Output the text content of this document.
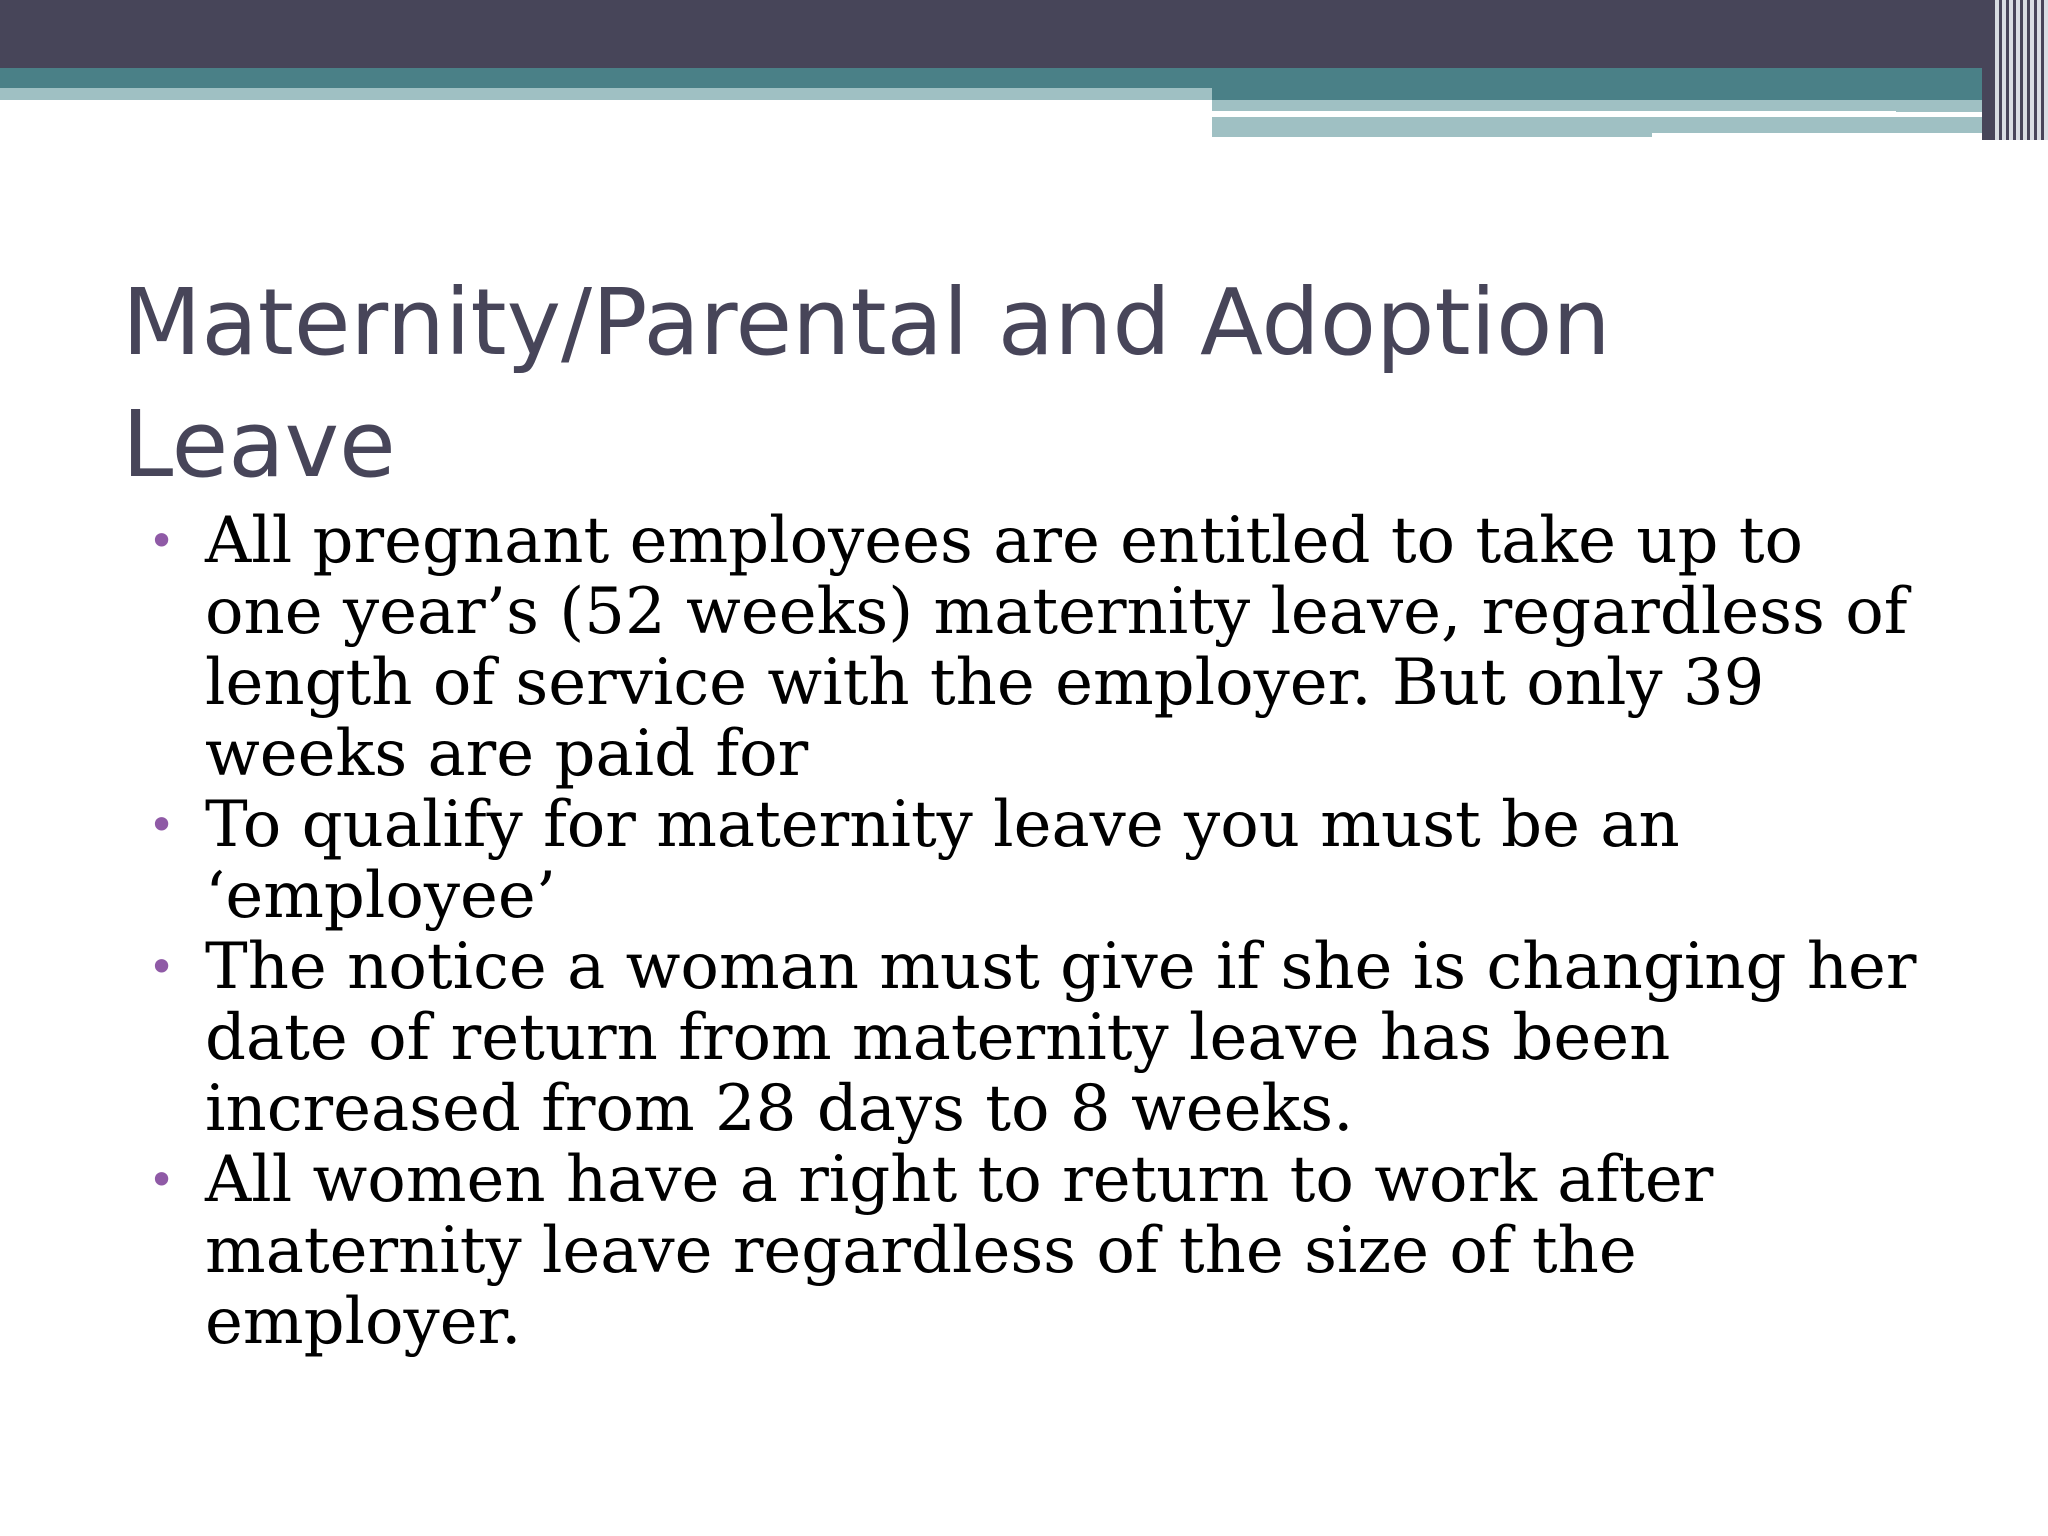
Maternity/Parental and Adoption Leave
• All pregnant employees are entitled to take up to one year’s (52 weeks) maternity leave, regardless of length of service with the employer. But only 39 weeks are paid for
• To qualify for maternity leave you must be an ‘employee’
• The notice a woman must give if she is changing her date of return from maternity leave has been increased from 28 days to 8 weeks.
• All women have a right to return to work after maternity leave regardless of the size of the employer.
